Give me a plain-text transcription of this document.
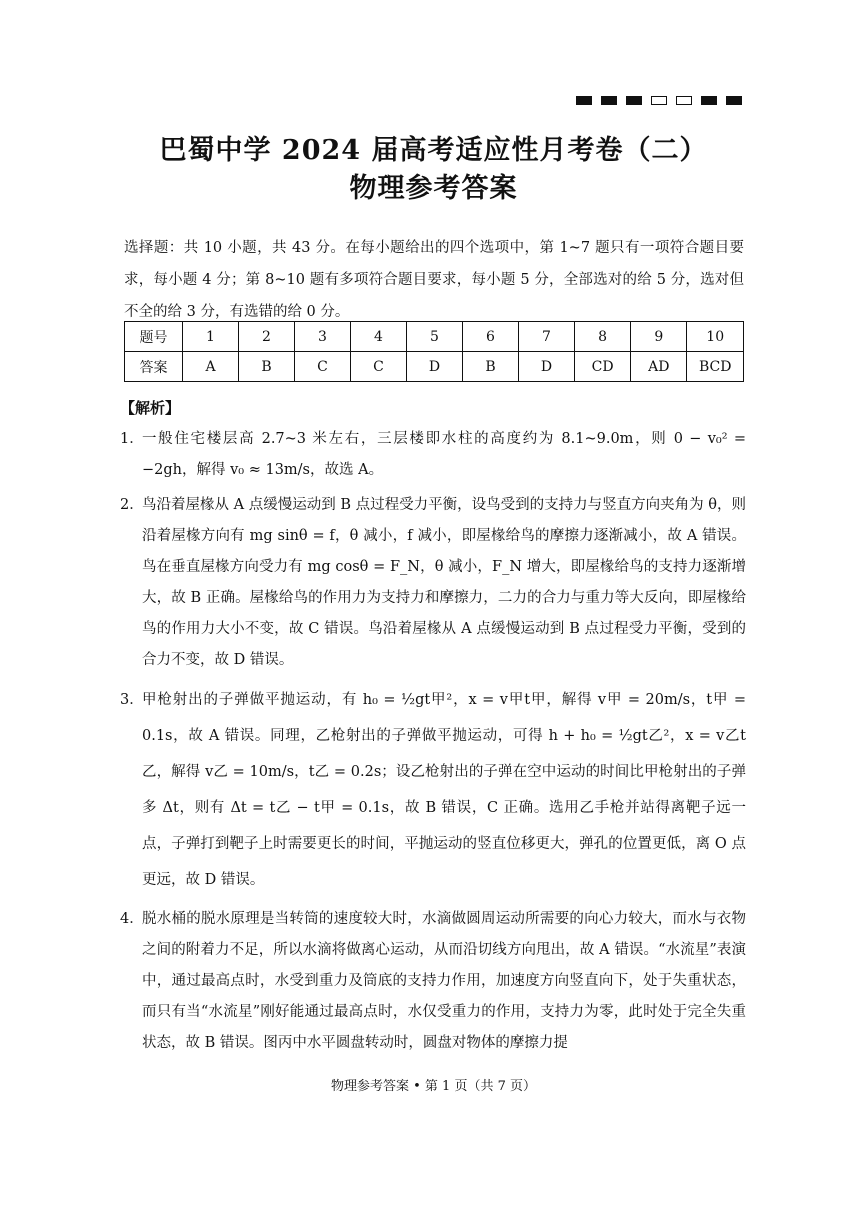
巴蜀中学 2024 届高考适应性月考卷（二）
物理参考答案
选择题：共 10 小题，共 43 分。在每小题给出的四个选项中，第 1~7 题只有一项符合题目要求，每小题 4 分；第 8~10 题有多项符合题目要求，每小题 5 分，全部选对的给 5 分，选对但不全的给 3 分，有选错的给 0 分。
题号	1	2	3	4	5	6	7	8	9	10
答案	A	B	C	C	D	B	D	CD	AD	BCD
【解析】
1．
一般住宅楼层高 2.7~3 米左右，三层楼即水柱的高度约为 8.1~9.0m，则 0 − v₀² = −2gh，解得 v₀ ≈ 13m/s，故选 A。
2．
鸟沿着屋椽从 A 点缓慢运动到 B 点过程受力平衡，设鸟受到的支持力与竖直方向夹角为 θ，则沿着屋椽方向有 mg sinθ = f，θ 减小，f 减小，即屋椽给鸟的摩擦力逐渐减小，故 A 错误。鸟在垂直屋椽方向受力有 mg cosθ = F_N，θ 减小，F_N 增大，即屋椽给鸟的支持力逐渐增大，故 B 正确。屋椽给鸟的作用力为支持力和摩擦力，二力的合力与重力等大反向，即屋椽给鸟的作用力大小不变，故 C 错误。鸟沿着屋椽从 A 点缓慢运动到 B 点过程受力平衡，受到的合力不变，故 D 错误。
3．
甲枪射出的子弹做平抛运动，有 h₀ = ½gt甲²，x = v甲t甲，解得 v甲 = 20m/s，t甲 = 0.1s，故 A 错误。同理，乙枪射出的子弹做平抛运动，可得 h + h₀ = ½gt乙²，x = v乙t乙，解得 v乙 = 10m/s，t乙 = 0.2s；设乙枪射出的子弹在空中运动的时间比甲枪射出的子弹多 Δt，则有 Δt = t乙 − t甲 = 0.1s，故 B 错误，C 正确。选用乙手枪并站得离靶子远一点，子弹打到靶子上时需要更长的时间，平抛运动的竖直位移更大，弹孔的位置更低，离 O 点更远，故 D 错误。
4．
脱水桶的脱水原理是当转筒的速度较大时，水滴做圆周运动所需要的向心力较大，而水与衣物之间的附着力不足，所以水滴将做离心运动，从而沿切线方向甩出，故 A 错误。“水流星”表演中，通过最高点时，水受到重力及筒底的支持力作用，加速度方向竖直向下，处于失重状态，而只有当“水流星”刚好能通过最高点时，水仅受重力的作用，支持力为零，此时处于完全失重状态，故 B 错误。图丙中水平圆盘转动时，圆盘对物体的摩擦力提
物理参考答案 • 第 1 页（共 7 页）
